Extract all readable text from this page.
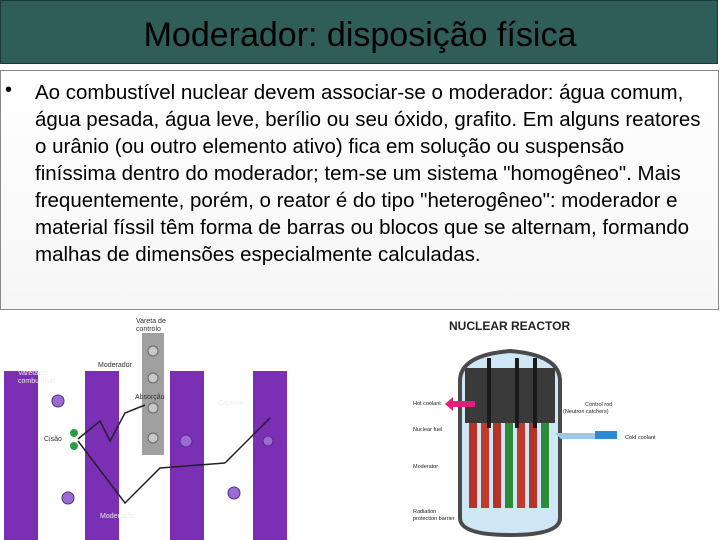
Moderador: disposição física
• Ao combustível nuclear devem associar-se o moderador: água comum, água pesada, água leve, berílio ou seu óxido, grafito. Em alguns reatores o urânio (ou outro elemento ativo) fica em solução ou suspensão finíssima dentro do moderador; tem-se um sistema "homogêneo". Mais frequentemente, porém, o reator é do tipo "heterogêneo": moderador e material físsil têm forma de barras ou blocos que se alternam, formando malhas de dimensões especialmente calculadas.
Vareta de
controlo
Moderador
Vareta de
combustível
Absorção
Captura
Cisão
Moderação
NUCLEAR REACTOR
Hot coolant	Control rod
(Neutron catchers)
Nuclear fuel
Cold coolant
Moderator
Radiation
protection barrier
